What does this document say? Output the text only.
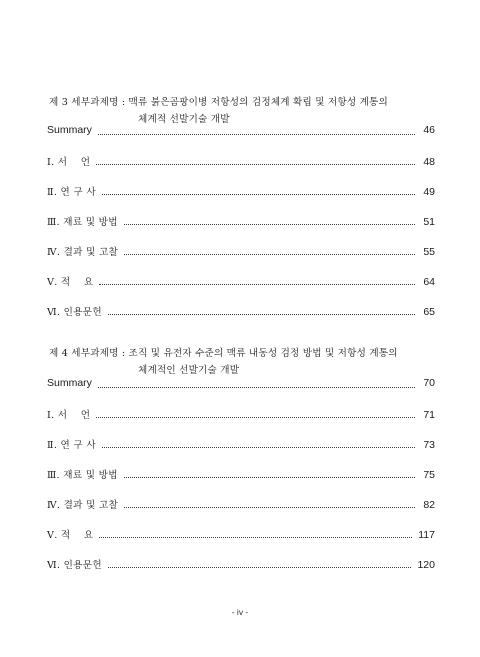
제 3 세부과제명 : 맥류 붉은곰팡이병 저항성의 검정체계 확립 및 저항성 계통의
체계적 선발기술 개발
Summary	46
Ⅰ. 서    언	48
Ⅱ. 연 구 사	49
Ⅲ. 재료 및 방법	51
Ⅳ. 결과 및 고찰	55
Ⅴ. 적    요	64
Ⅵ. 인용문헌	65
제 4 세부과제명 : 조직 및 유전자 수준의 맥류 내동성 검정 방법 및 저항성 계통의
체계적인 선발기술 개발
Summary	70
Ⅰ. 서    언	71
Ⅱ. 연 구 사	73
Ⅲ. 재료 및 방법	75
Ⅳ. 결과 및 고찰	82
Ⅴ. 적    요	117
Ⅵ. 인용문헌	120
- iv -
